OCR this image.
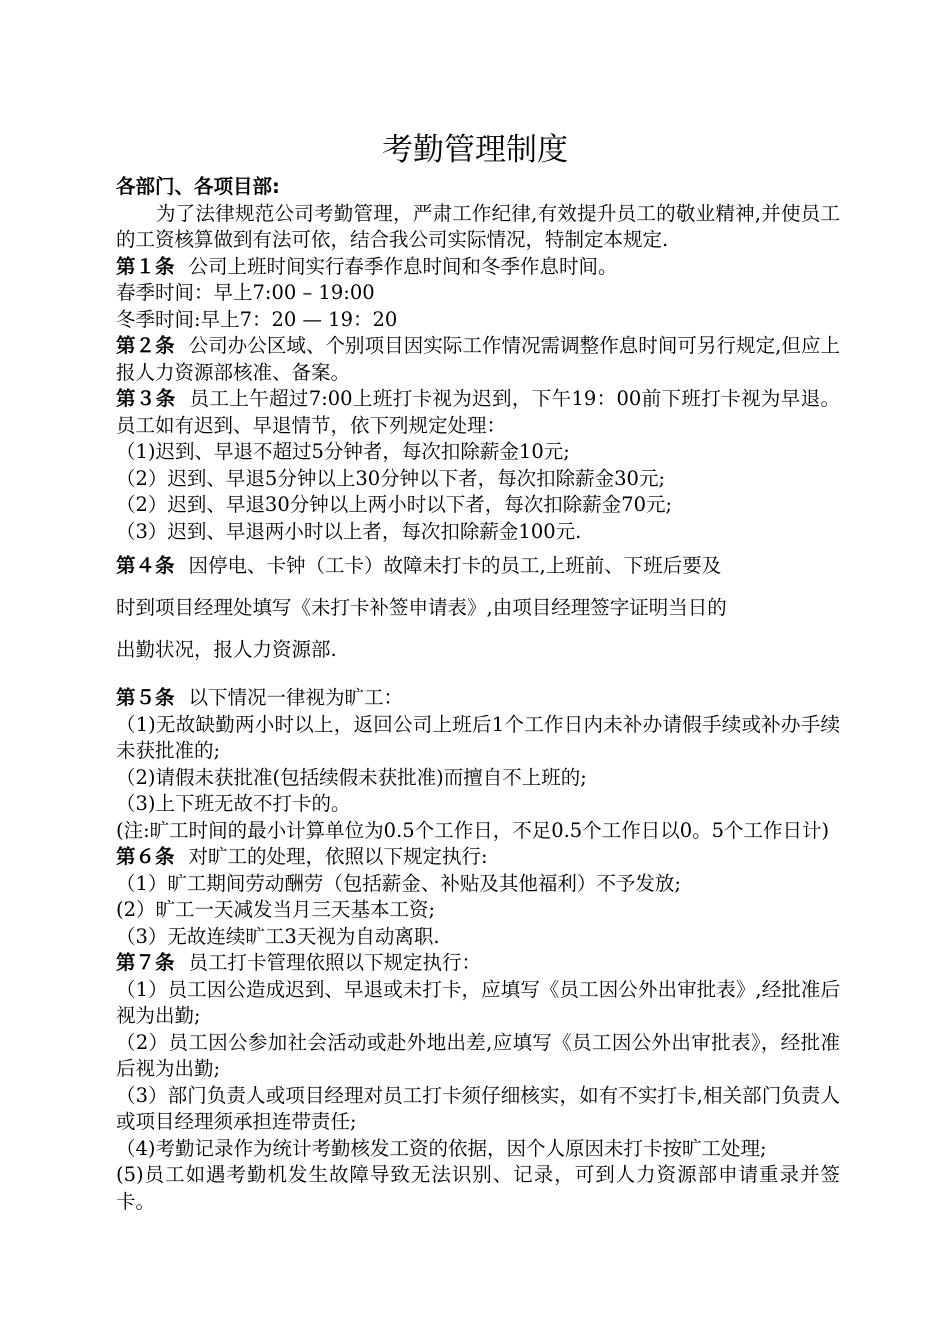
考勤管理制度

各部门、各项目部:

为了法律规范公司考勤管理，严肃工作纪律,有效提升员工的敬业精神,并使员工的工资核算做到有法可依，结合我公司实际情况，特制定本规定.

第１条 公司上班时间实行春季作息时间和冬季作息时间。

春季时间：早上7:00 – 19:00

冬季时间:早上7：20 — 19：20

第２条 公司办公区域、个别项目因实际工作情况需调整作息时间可另行规定,但应上报人力资源部核准、备案。

第３条 员工上午超过7:00上班打卡视为迟到，下午19：00前下班打卡视为早退。员工如有迟到、早退情节，依下列规定处理：

（1)迟到、早退不超过5分钟者，每次扣除薪金10元;

（2）迟到、早退5分钟以上30分钟以下者，每次扣除薪金30元;

（2）迟到、早退30分钟以上两小时以下者，每次扣除薪金70元;

（3）迟到、早退两小时以上者，每次扣除薪金100元.

第４条 因停电、卡钟（工卡）故障未打卡的员工,上班前、下班后要及

时到项目经理处填写《未打卡补签申请表》,由项目经理签字证明当日的

出勤状况，报人力资源部.

第５条 以下情况一律视为旷工：

（1)无故缺勤两小时以上，返回公司上班后1个工作日内未补办请假手续或补办手续未获批准的;

（2)请假未获批准(包括续假未获批准)而擅自不上班的;

（3)上下班无故不打卡的。

(注:旷工时间的最小计算单位为0.5个工作日，不足0.5个工作日以0。5个工作日计)

第６条 对旷工的处理，依照以下规定执行:

（1）旷工期间劳动酬劳（包括薪金、补贴及其他福利）不予发放;

(2）旷工一天减发当月三天基本工资;

（3）无故连续旷工3天视为自动离职.

第７条 员工打卡管理依照以下规定执行：

（1）员工因公造成迟到、早退或未打卡，应填写《员工因公外出审批表》,经批准后视为出勤;

（2）员工因公参加社会活动或赴外地出差,应填写《员工因公外出审批表》，经批准后视为出勤;

（3）部门负责人或项目经理对员工打卡须仔细核实，如有不实打卡,相关部门负责人或项目经理须承担连带责任;

（4)考勤记录作为统计考勤核发工资的依据，因个人原因未打卡按旷工处理;

(5)员工如遇考勤机发生故障导致无法识别、记录，可到人力资源部申请重录并签卡。
